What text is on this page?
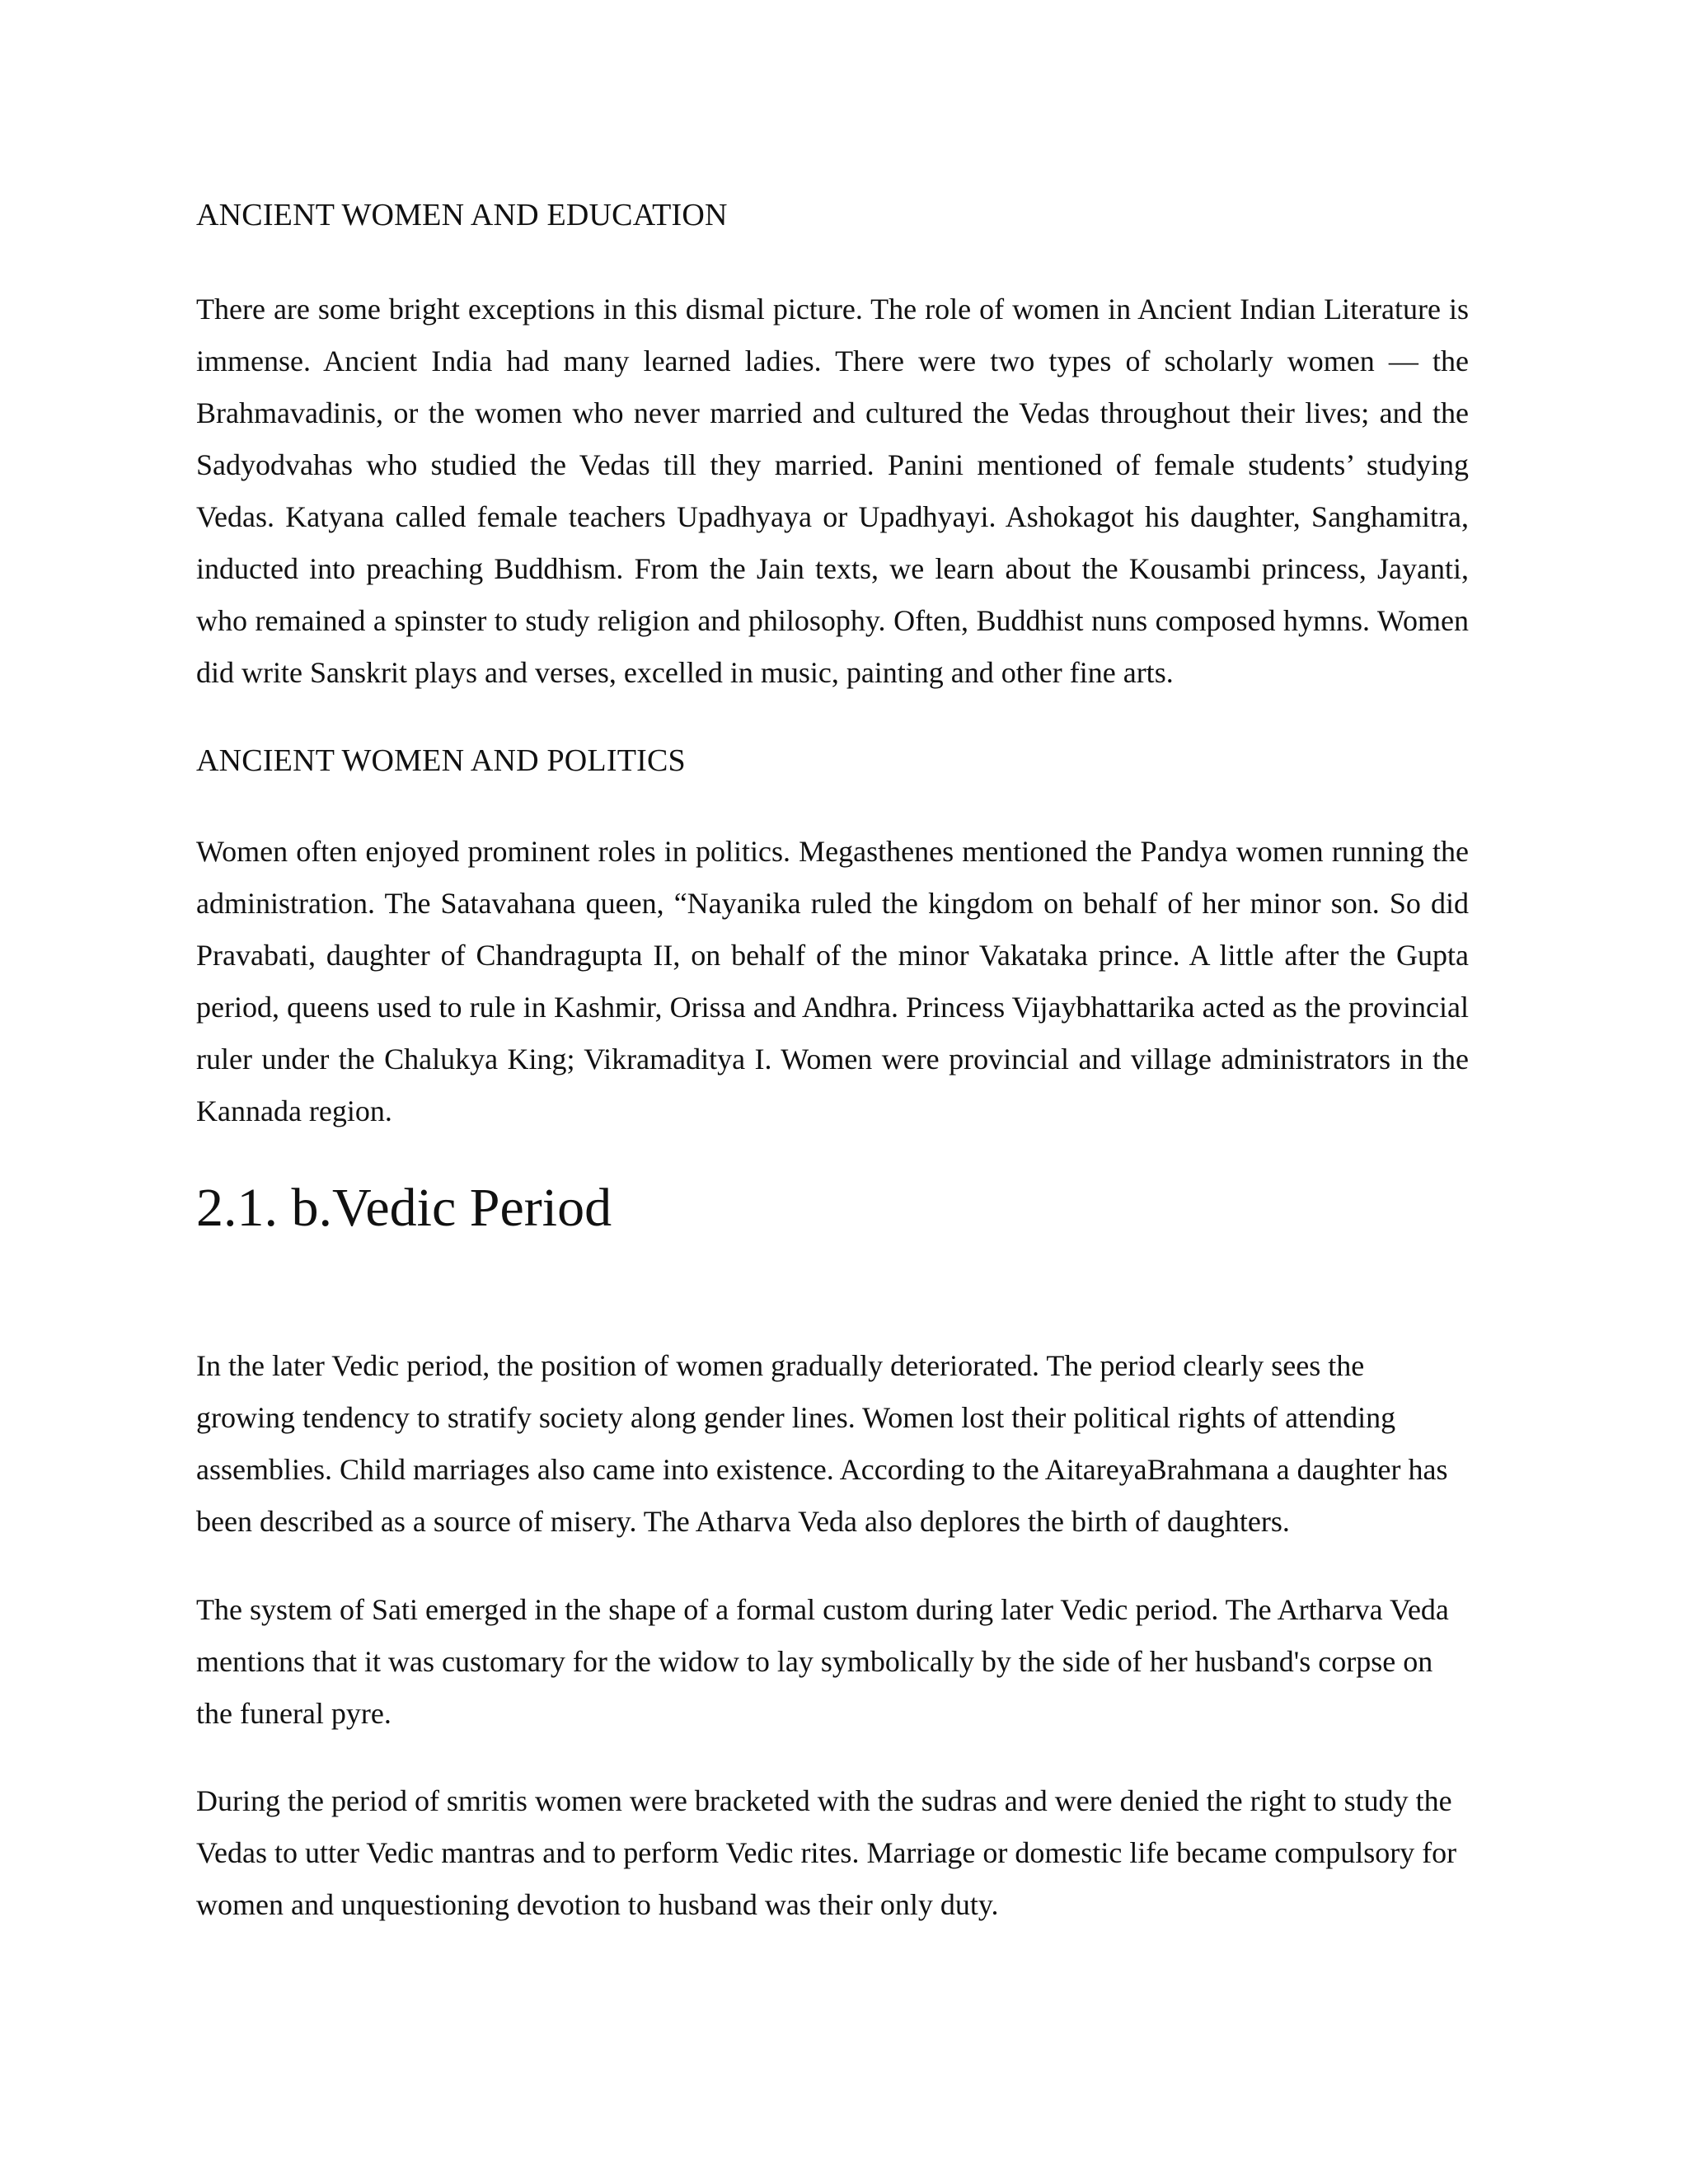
ANCIENT WOMEN AND EDUCATION

There are some bright exceptions in this dismal picture. The role of women in Ancient Indian Literature is immense. Ancient India had many learned ladies. There were two types of scholarly women — the Brahmavadinis, or the women who never married and cultured the Vedas throughout their lives; and the Sadyodvahas who studied the Vedas till they married. Panini mentioned of female students’ studying Vedas. Katyana called female teachers Upadhyaya or Upadhyayi. Ashokagot his daughter, Sanghamitra, inducted into preaching Buddhism. From the Jain texts, we learn about the Kousambi princess, Jayanti, who remained a spinster to study religion and philosophy. Often, Buddhist nuns composed hymns. Women did write Sanskrit plays and verses, excelled in music, painting and other fine arts.

ANCIENT WOMEN AND POLITICS

Women often enjoyed prominent roles in politics. Megasthenes mentioned the Pandya women running the administration. The Satavahana queen, “Nayanika ruled the kingdom on behalf of her minor son. So did Pravabati, daughter of Chandragupta II, on behalf of the minor Vakataka prince. A little after the Gupta period, queens used to rule in Kashmir, Orissa and Andhra. Princess Vijaybhattarika acted as the provincial ruler under the Chalukya King; Vikramaditya I. Women were provincial and village administrators in the Kannada region.

2.1. b.Vedic Period

In the later Vedic period, the position of women gradually deteriorated. The period clearly sees the growing tendency to stratify society along gender lines. Women lost their political rights of attending assemblies. Child marriages also came into existence. According to the AitareyaBrahmana a daughter has been described as a source of misery. The Atharva Veda also deplores the birth of daughters.

The system of Sati emerged in the shape of a formal custom during later Vedic period. The Artharva Veda mentions that it was customary for the widow to lay symbolically by the side of her husband's corpse on the funeral pyre.

During the period of smritis women were bracketed with the sudras and were denied the right to study the Vedas to utter Vedic mantras and to perform Vedic rites. Marriage or domestic life became compulsory for women and unquestioning devotion to husband was their only duty.
